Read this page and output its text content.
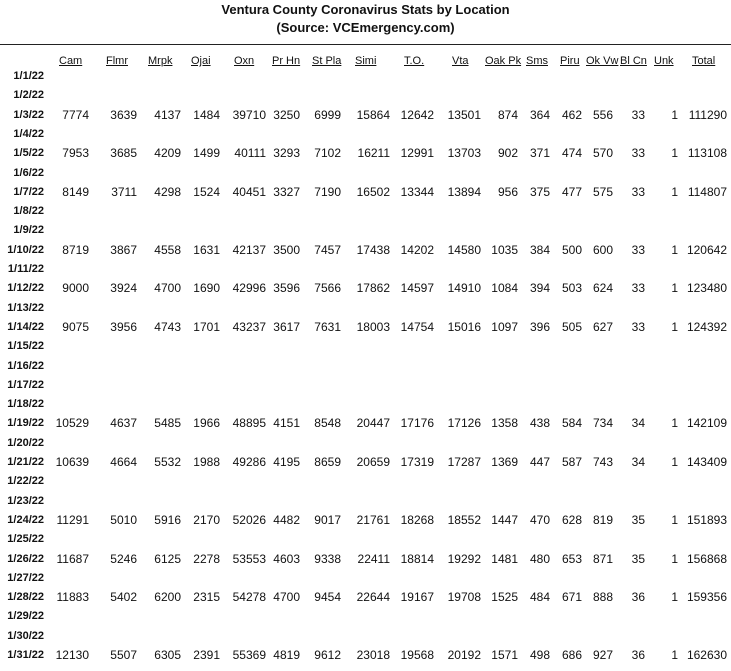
Ventura County Coronavirus Stats by Location
(Source: VCEmergency.com)
Cam Flmr Mrpk Ojai Oxn Pr Hn St Pla Simi	T.O.	Vta Oak Pk Sms Piru Ok Vw Bl Cn Unk Total
1/1/22
1/2/22
1/3/22 7774 3639 4137 1484 39710 3250 6999 15864 12642 13501 874 364 462 556 33 1 111290
1/4/22
1/5/22 7953 3685 4209 1499 40111 3293 7102 16211 12991 13703 902 371 474 570 33 1 113108
1/6/22
1/7/22 8149 3711 4298 1524 40451 3327 7190 16502 13344 13894 956 375 477 575 33 1 114807
1/8/22
1/9/22
1/10/22 8719 3867 4558 1631 42137 3500 7457 17438 14202 14580 1035 384 500 600 33 1 120642
1/11/22
1/12/22 9000 3924 4700 1690 42996 3596 7566 17862 14597 14910 1084 394 503 624 33 1 123480
1/13/22
1/14/22 9075 3956 4743 1701 43237 3617 7631 18003 14754 15016 1097 396 505 627 33 1 124392
1/15/22
1/16/22
1/17/22
1/18/22
1/19/22 10529 4637 5485 1966 48895 4151 8548 20447 17176 17126 1358 438 584 734 34 1 142109
1/20/22
1/21/22 10639 4664 5532 1988 49286 4195 8659 20659 17319 17287 1369 447 587 743 34 1 143409
1/22/22
1/23/22
1/24/22 11291 5010 5916 2170 52026 4482 9017 21761 18268 18552 1447 470 628 819 35 1 151893
1/25/22
1/26/22 11687 5246 6125 2278 53553 4603 9338 22411 18814 19292 1481 480 653 871 35 1 156868
1/27/22
1/28/22 11883 5402 6200 2315 54278 4700 9454 22644 19167 19708 1525 484 671 888 36 1 159356
1/29/22
1/30/22
1/31/22 12130 5507 6305 2391 55369 4819 9612 23018 19568 20192 1571 498 686 927 36 1 162630
